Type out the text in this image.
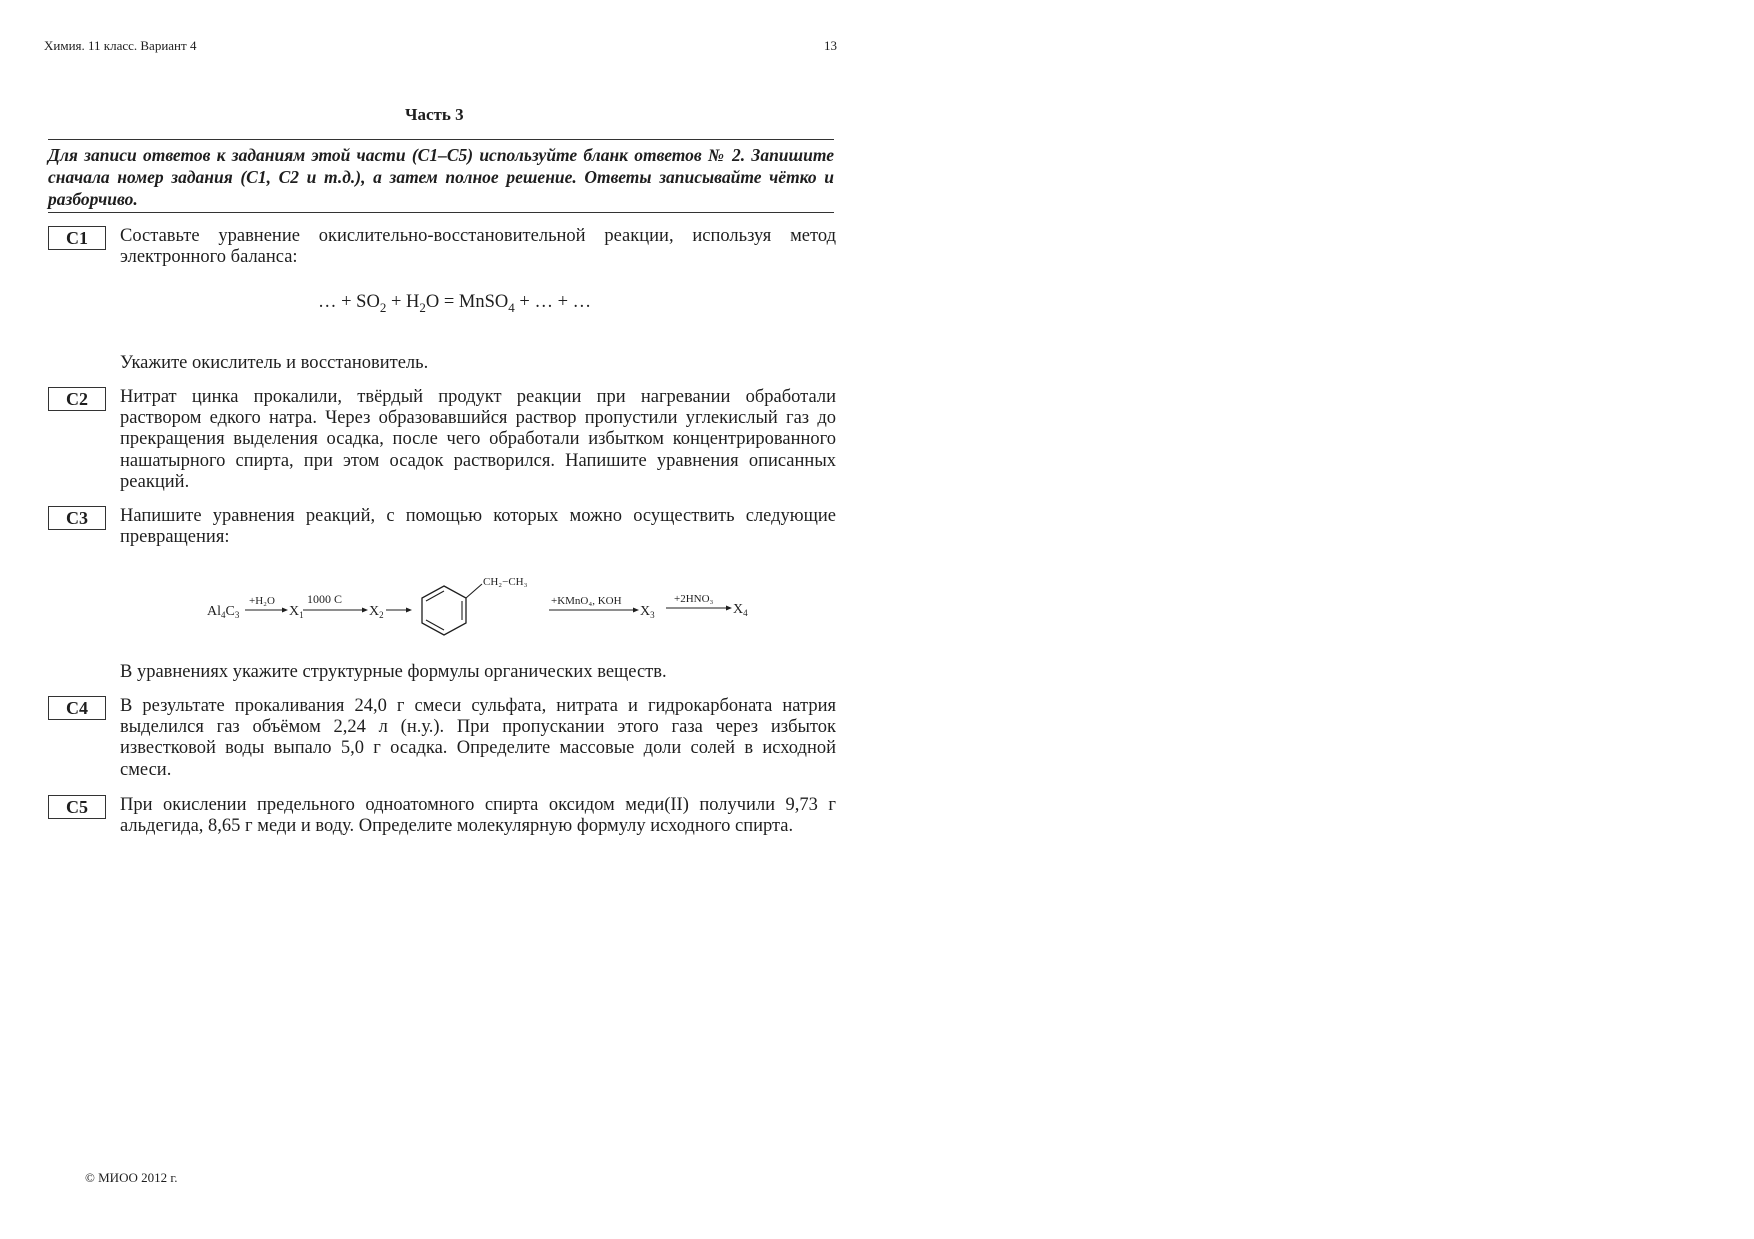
Химия. 11 класс. Вариант 4	13
Часть 3
Для записи ответов к заданиям этой части (С1–С5) используйте бланк ответов № 2. Запишите сначала номер задания (С1, С2 и т.д.), а затем полное решение. Ответы записывайте чётко и разборчиво.
С1	Составьте уравнение окислительно-восстановительной реакции, используя метод электронного баланса:
… + $SO_2 + H_2O$ = MnSO$_4$ + … + …
Укажите окислитель и восстановитель.
С2	Нитрат цинка прокалили, твёрдый продукт реакции при нагревании обработали раствором едкого натра. Через образовавшийся раствор пропустили углекислый газ до прекращения выделения осадка, после чего обработали избытком концентрированного нашатырного спирта, при этом осадок растворился. Напишите уравнения описанных реакций.
С3	Напишите уравнения реакций, с помощью которых можно осуществить следующие превращения:
$Al_4C_3$
+H₂O
$X_1$
1000 C
$X_2$
CH₂−CH₃
+KMnO₄, KOH
$X_3$
+2HNO₃
$X_4$
В уравнениях укажите структурные формулы органических веществ.
С4	В результате прокаливания 24,0 г смеси сульфата, нитрата и гидрокарбоната натрия выделился газ объёмом 2,24 л (н.у.). При пропускании этого газа через избыток известковой воды выпало 5,0 г осадка. Определите массовые доли солей в исходной смеси.
С5	При окислении предельного одноатомного спирта оксидом меди(II) получили 9,73 г альдегида, 8,65 г меди и воду. Определите молекулярную формулу исходного спирта.
© МИОО 2012 г.
